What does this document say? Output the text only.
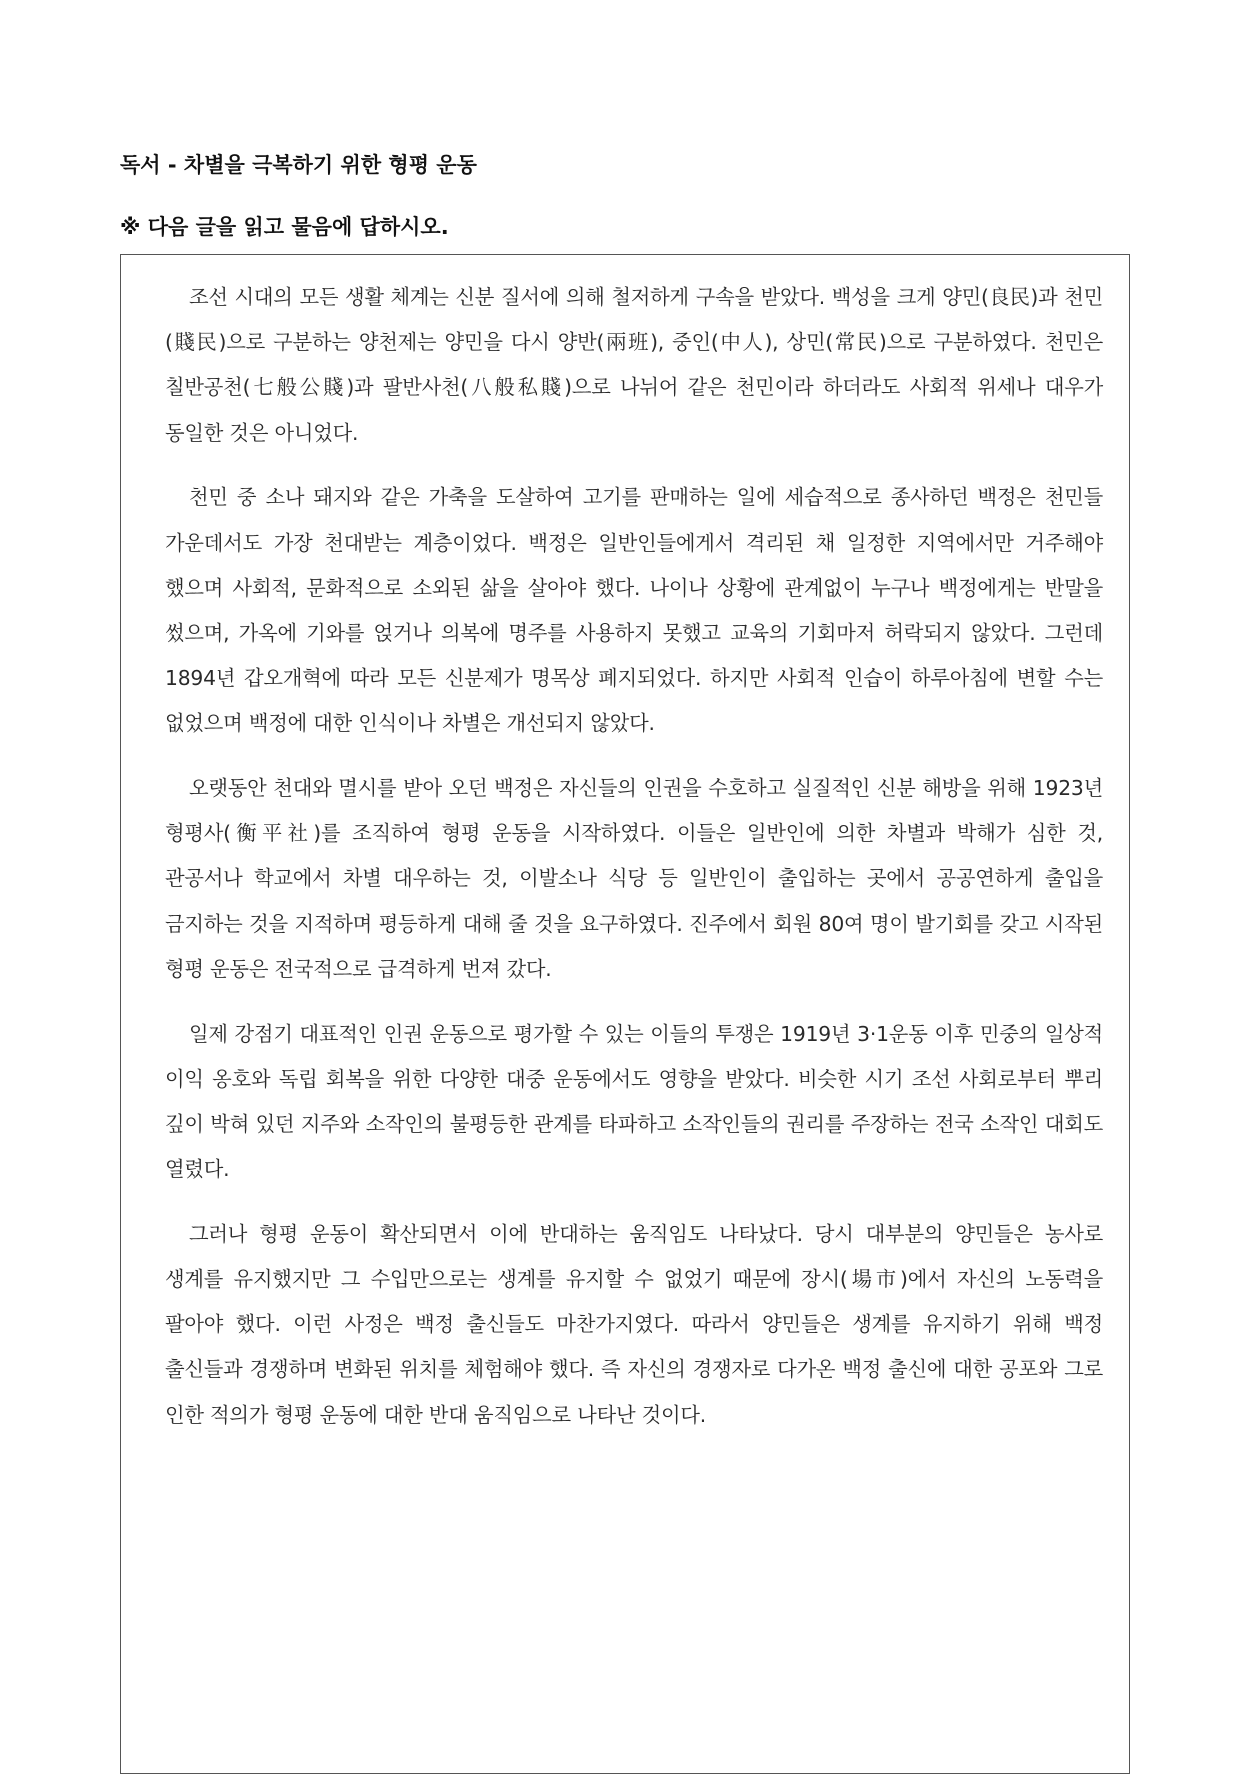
독서 - 차별을 극복하기 위한 형평 운동
※ 다음 글을 읽고 물음에 답하시오.

조선 시대의 모든 생활 체계는 신분 질서에 의해 철저하게 구속을 받았다. 백성을 크게 양민(良民)과 천민(賤民)으로 구분하는 양천제는 양민을 다시 양반(兩班), 중인(中人), 상민(常民)으로 구분하였다. 천민은 칠반공천(七般公賤)과 팔반사천(八般私賤)으로 나뉘어 같은 천민이라 하더라도 사회적 위세나 대우가 동일한 것은 아니었다.

천민 중 소나 돼지와 같은 가축을 도살하여 고기를 판매하는 일에 세습적으로 종사하던 백정은 천민들 가운데서도 가장 천대받는 계층이었다. 백정은 일반인들에게서 격리된 채 일정한 지역에서만 거주해야 했으며 사회적, 문화적으로 소외된 삶을 살아야 했다. 나이나 상황에 관계없이 누구나 백정에게는 반말을 썼으며, 가옥에 기와를 얹거나 의복에 명주를 사용하지 못했고 교육의 기회마저 허락되지 않았다. 그런데 1894년 갑오개혁에 따라 모든 신분제가 명목상 폐지되었다. 하지만 사회적 인습이 하루아침에 변할 수는 없었으며 백정에 대한 인식이나 차별은 개선되지 않았다.

오랫동안 천대와 멸시를 받아 오던 백정은 자신들의 인권을 수호하고 실질적인 신분 해방을 위해 1923년 형평사(衡平社)를 조직하여 형평 운동을 시작하였다. 이들은 일반인에 의한 차별과 박해가 심한 것, 관공서나 학교에서 차별 대우하는 것, 이발소나 식당 등 일반인이 출입하는 곳에서 공공연하게 출입을 금지하는 것을 지적하며 평등하게 대해 줄 것을 요구하였다. 진주에서 회원 80여 명이 발기회를 갖고 시작된 형평 운동은 전국적으로 급격하게 번져 갔다.

일제 강점기 대표적인 인권 운동으로 평가할 수 있는 이들의 투쟁은 1919년 3·1운동 이후 민중의 일상적 이익 옹호와 독립 회복을 위한 다양한 대중 운동에서도 영향을 받았다. 비슷한 시기 조선 사회로부터 뿌리 깊이 박혀 있던 지주와 소작인의 불평등한 관계를 타파하고 소작인들의 권리를 주장하는 전국 소작인 대회도 열렸다.

그러나 형평 운동이 확산되면서 이에 반대하는 움직임도 나타났다. 당시 대부분의 양민들은 농사로 생계를 유지했지만 그 수입만으로는 생계를 유지할 수 없었기 때문에 장시(場市)에서 자신의 노동력을 팔아야 했다. 이런 사정은 백정 출신들도 마찬가지였다. 따라서 양민들은 생계를 유지하기 위해 백정 출신들과 경쟁하며 변화된 위치를 체험해야 했다. 즉 자신의 경쟁자로 다가온 백정 출신에 대한 공포와 그로 인한 적의가 형평 운동에 대한 반대 움직임으로 나타난 것이다.
